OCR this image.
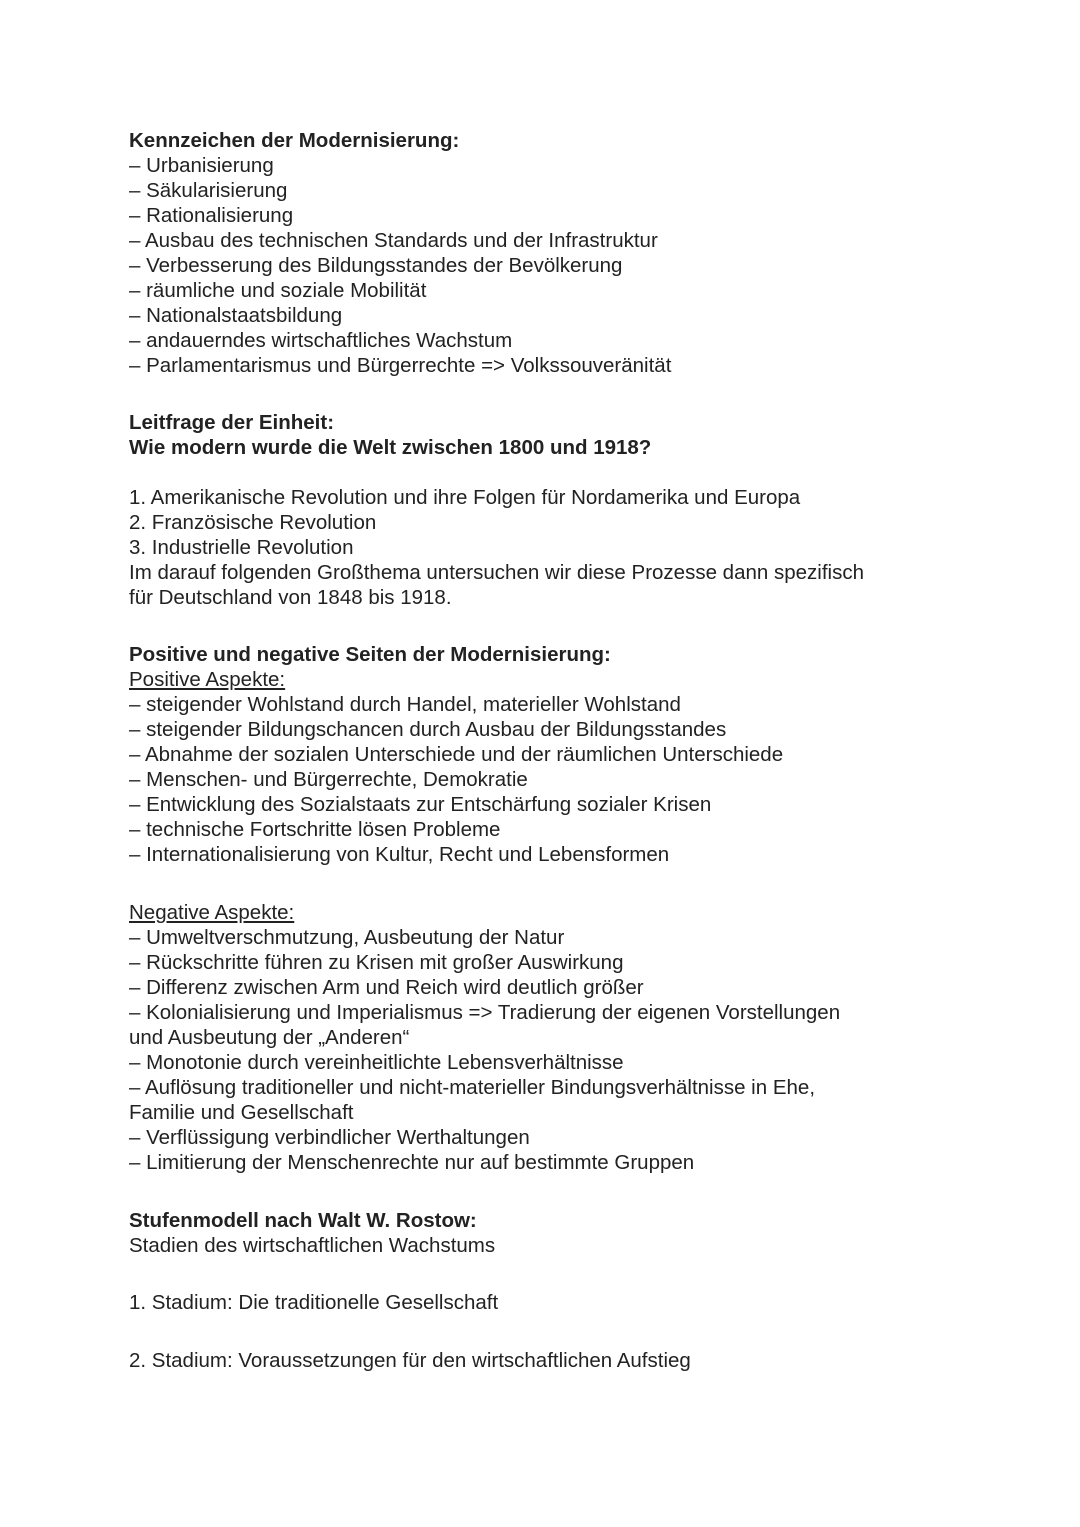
Kennzeichen der Modernisierung:
– Urbanisierung
– Säkularisierung
– Rationalisierung
– Ausbau des technischen Standards und der Infrastruktur
– Verbesserung des Bildungsstandes der Bevölkerung
– räumliche und soziale Mobilität
– Nationalstaatsbildung
– andauerndes wirtschaftliches Wachstum
– Parlamentarismus und Bürgerrechte => Volkssouveränität
Leitfrage der Einheit:
Wie modern wurde die Welt zwischen 1800 und 1918?
1. Amerikanische Revolution und ihre Folgen für Nordamerika und Europa
2. Französische Revolution
3. Industrielle Revolution
Im darauf folgenden Großthema untersuchen wir diese Prozesse dann spezifisch
für Deutschland von 1848 bis 1918.
Positive und negative Seiten der Modernisierung:
Positive Aspekte:
– steigender Wohlstand durch Handel, materieller Wohlstand
– steigender Bildungschancen durch Ausbau der Bildungsstandes
– Abnahme der sozialen Unterschiede und der räumlichen Unterschiede
– Menschen- und Bürgerrechte, Demokratie
– Entwicklung des Sozialstaats zur Entschärfung sozialer Krisen
– technische Fortschritte lösen Probleme
– Internationalisierung von Kultur, Recht und Lebensformen
Negative Aspekte:
– Umweltverschmutzung, Ausbeutung der Natur
– Rückschritte führen zu Krisen mit großer Auswirkung
– Differenz zwischen Arm und Reich wird deutlich größer
– Kolonialisierung und Imperialismus => Tradierung der eigenen Vorstellungen
und Ausbeutung der „Anderen“
– Monotonie durch vereinheitlichte Lebensverhältnisse
– Auflösung traditioneller und nicht-materieller Bindungsverhältnisse in Ehe,
Familie und Gesellschaft
– Verflüssigung verbindlicher Werthaltungen
– Limitierung der Menschenrechte nur auf bestimmte Gruppen
Stufenmodell nach Walt W. Rostow:
Stadien des wirtschaftlichen Wachstums
1. Stadium: Die traditionelle Gesellschaft
2. Stadium: Voraussetzungen für den wirtschaftlichen Aufstieg
